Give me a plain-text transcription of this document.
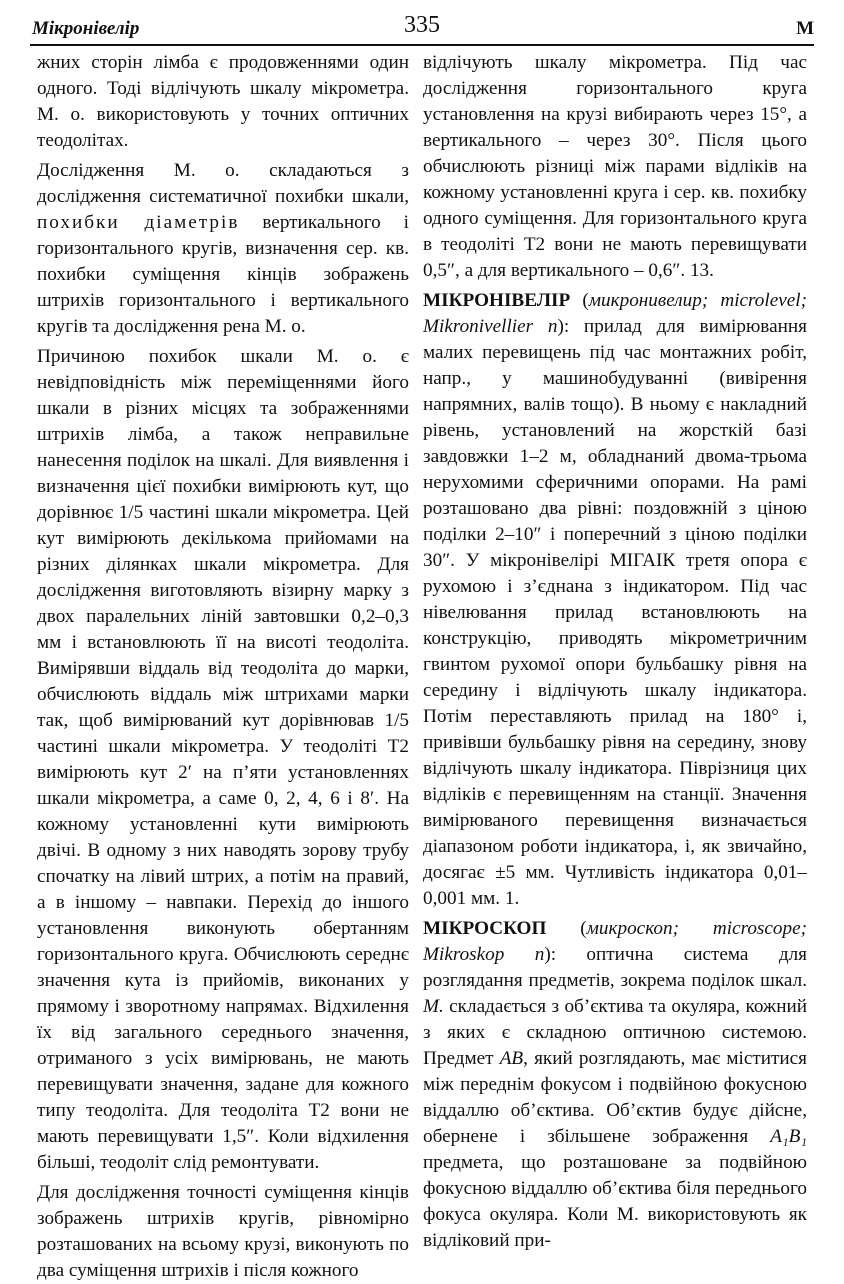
Мікронівелір	335	М

жних сторін лімба є продовженнями один одного. Тоді відлічують шкалу мікрометра. М. о. використовують у точних оптичних теодолітах.

Дослідження М. о. складаються з дослідження систематичної похибки шкали, похибки діаметрів вертикального і горизонтального кругів, визначення сер. кв. похибки суміщення кінців зображень штрихів горизонтального і вертикального кругів та дослідження рена М. о.

Причиною похибок шкали М. о. є невідповідність між переміщеннями його шкали в різних місцях та зображеннями штрихів лімба, а також неправильне нанесення поділок на шкалі. Для виявлення і визначення цієї похибки вимірюють кут, що дорівнює 1/5 частині шкали мікрометра. Цей кут вимірюють декількома прийомами на різних ділянках шкали мікрометра. Для дослідження виготовляють візирну марку з двох паралельних ліній завтовшки 0,2–0,3 мм і встановлюють її на висоті теодоліта. Вимірявши віддаль від теодоліта до марки, обчислюють віддаль між штрихами марки так, щоб вимірюваний кут дорівнював 1/5 частині шкали мікрометра. У теодоліті Т2 вимірюють кут 2′ на п’яти установленнях шкали мікрометра, а саме 0, 2, 4, 6 і 8′. На кожному установленні кути вимірюють двічі. В одному з них наводять зорову трубу спочатку на лівий штрих, а потім на правий, а в іншому – навпаки. Перехід до іншого установлення виконують обертанням горизонтального круга. Обчислюють середнє значення кута із прийомів, виконаних у прямому і зворотному напрямах. Відхилення їх від загального середнього значення, отриманого з усіх вимірювань, не мають перевищувати значення, задане для кожного типу теодоліта. Для теодоліта Т2 вони не мають перевищувати 1,5″. Коли відхилення більші, теодоліт слід ремонтувати.

Для дослідження точності суміщення кінців зображень штрихів кругів, рівномірно розташованих на всьому крузі, виконують по два суміщення штрихів і після кожного

відлічують шкалу мікрометра. Під час дослідження горизонтального круга установлення на крузі вибирають через 15°, а вертикального – через 30°. Після цього обчислюють різниці між парами відліків на кожному установленні круга і сер. кв. похибку одного суміщення. Для горизонтального круга в теодоліті Т2 вони не мають перевищувати 0,5″, а для вертикального – 0,6″. 13.

МІКРОНІВЕЛІР (микронивелир; microlevel; Mikronivellier n): прилад для вимірювання малих перевищень під час монтажних робіт, напр., у машинобудуванні (вивірення напрямних, валів тощо). В ньому є накладний рівень, установлений на жорсткій базі завдовжки 1–2 м, обладнаний двома-трьома нерухомими сферичними опорами. На рамі розташовано два рівні: поздовжній з ціною поділки 2–10″ і поперечний з ціною поділки 30″. У мікронівелірі МІГАІК третя опора є рухомою і з’єднана з індикатором. Під час нівелювання прилад встановлюють на конструкцію, приводять мікрометричним гвинтом рухомої опори бульбашку рівня на середину і відлічують шкалу індикатора. Потім переставляють прилад на 180° і, привівши бульбашку рівня на середину, знову відлічують шкалу індикатора. Піврізниця цих відліків є перевищенням на станції. Значення вимірюваного перевищення визначається діапазоном роботи індикатора, і, як звичайно, досягає ±5 мм. Чутливість індикатора 0,01–0,001 мм. 1.

МІКРОСКОП (микроскоп; microscope; Mikroskop n): оптична система для розглядання предметів, зокрема поділок шкал. М. складається з об’єктива та окуляра, кожний з яких є складною оптичною системою. Предмет AB, який розглядають, має міститися між переднім фокусом і подвійною фокусною віддаллю об’єктива. Об’єктив будує дійсне, обернене і збільшене зображення A₁B₁ предмета, що розташоване за подвійною фокусною віддаллю об’єктива біля переднього фокуса окуляра. Коли М. використовують як відліковий при-
